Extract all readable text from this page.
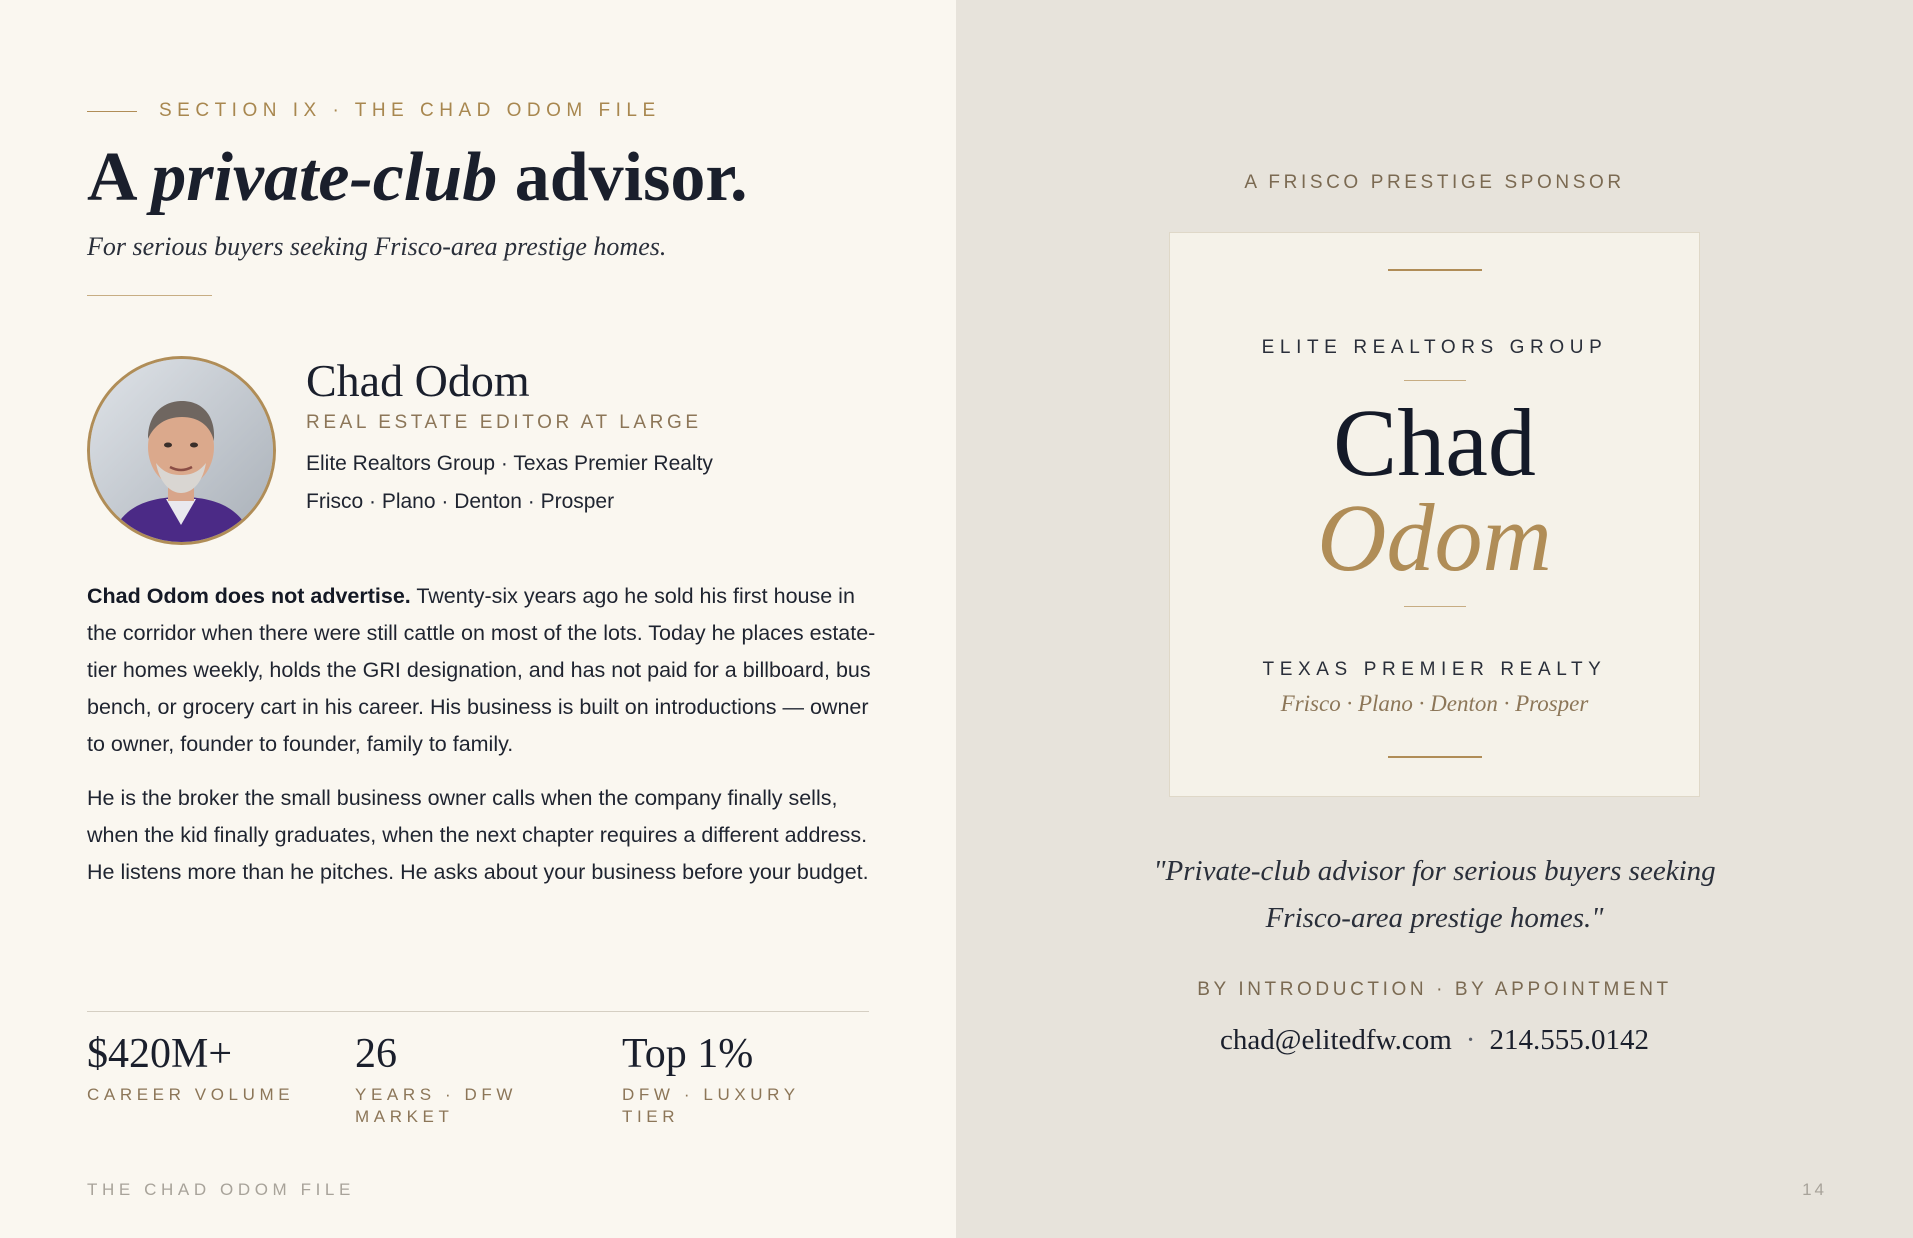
SECTION IX · THE CHAD ODOM FILE
A private-club advisor.
For serious buyers seeking Frisco-area prestige homes.
Chad Odom
REAL ESTATE EDITOR AT LARGE
Elite Realtors Group · Texas Premier Realty
Frisco · Plano · Denton · Prosper

Chad Odom does not advertise. Twenty-six years ago he sold his first house in the corridor when there were still cattle on most of the lots. Today he places estate-tier homes weekly, holds the GRI designation, and has not paid for a billboard, bus bench, or grocery cart in his career. His business is built on introductions — owner to owner, founder to founder, family to family.

He is the broker the small business owner calls when the company finally sells, when the kid finally graduates, when the next chapter requires a different address. He listens more than he pitches. He asks about your business before your budget.

$420M+
CAREER VOLUME
26
YEARS · DFW MARKET
Top 1%
DFW · LUXURY TIER
THE CHAD ODOM FILE
A FRISCO PRESTIGE SPONSOR
ELITE REALTORS GROUP
Chad
Odom
TEXAS PREMIER REALTY
Frisco · Plano · Denton · Prosper
"Private-club advisor for serious buyers seeking
Frisco-area prestige homes."
BY INTRODUCTION · BY APPOINTMENT
chad@elitedfw.com · 214.555.0142
14
